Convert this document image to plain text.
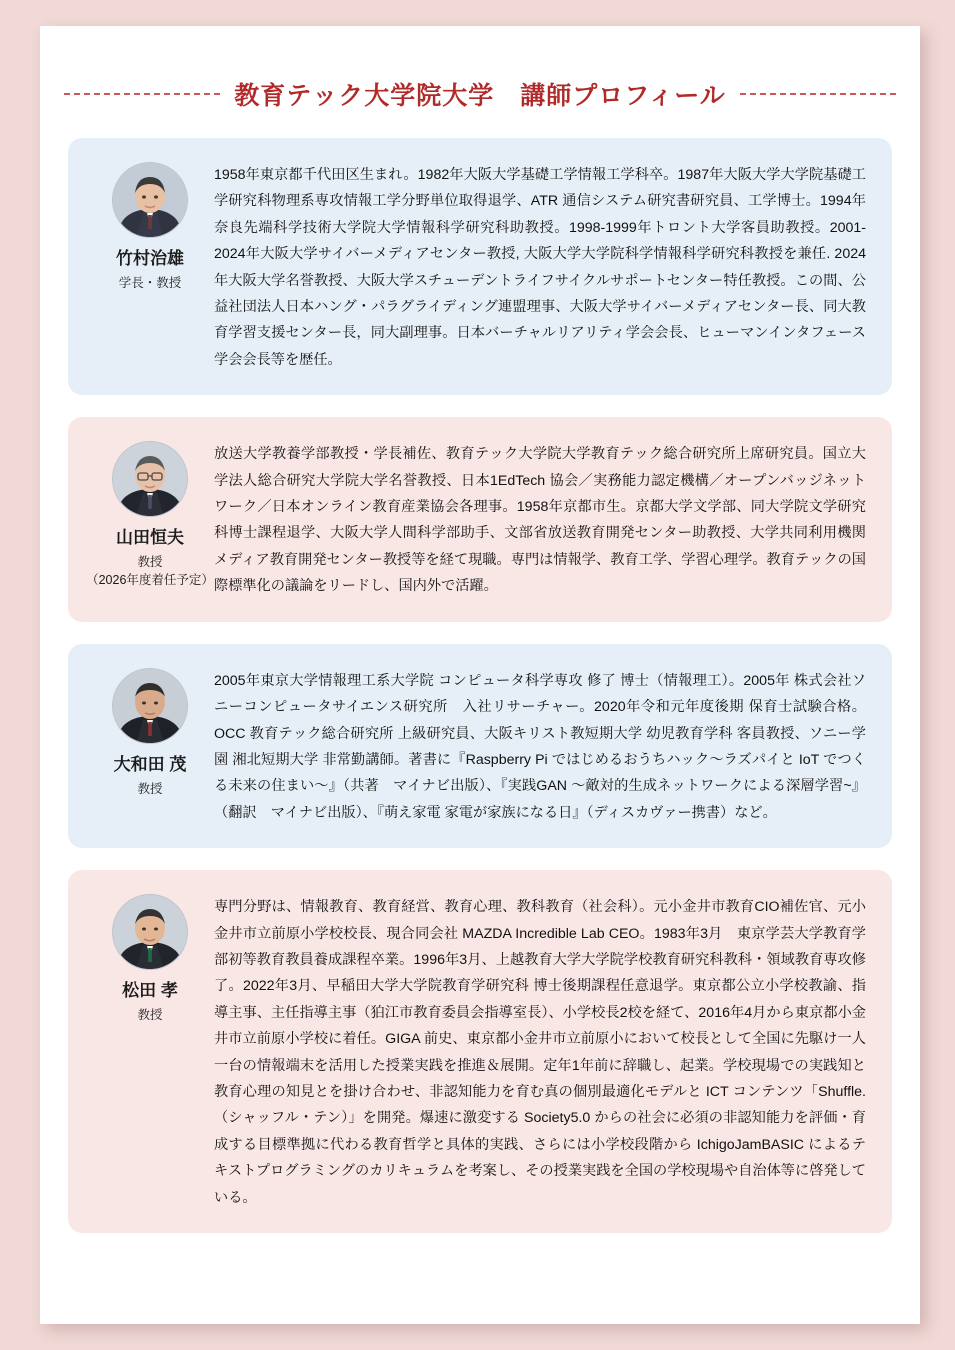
教育テック大学院大学　講師プロフィール
竹村治雄
学長・教授
1958年東京都千代田区生まれ。1982年大阪大学基礎工学情報工学科卒。1987年大阪大学大学院基礎工学研究科物理系専攻情報工学分野単位取得退学、ATR 通信システム研究書研究員、工学博士。1994年奈良先端科学技術大学院大学情報科学研究科助教授。1998-1999年トロント大学客員助教授。2001-2024年大阪大学サイバーメディアセンター教授, 大阪大学大学院科学情報科学研究科教授を兼任. 2024年大阪大学名誉教授、大阪大学スチューデントライフサイクルサポートセンター特任教授。この間、公益社団法人日本ハング・パラグライディング連盟理事、大阪大学サイバーメディアセンター長、同大教育学習支援センター長，同大副理事。日本バーチャルリアリティ学会会長、ヒューマンインタフェース学会会長等を歴任。
山田恒夫
教授
（2026年度着任予定）
放送大学教養学部教授・学長補佐、教育テック大学院大学教育テック総合研究所上席研究員。国立大学法人総合研究大学院大学名誉教授、日本1EdTech 協会／実務能力認定機構／オープンバッジネットワーク／日本オンライン教育産業協会各理事。1958年京都市生。京都大学文学部、同大学院文学研究科博士課程退学、大阪大学人間科学部助手、文部省放送教育開発センター助教授、大学共同利用機関メディア教育開発センター教授等を経て現職。専門は情報学、教育工学、学習心理学。教育テックの国際標準化の議論をリードし、国内外で活躍。
大和田 茂
教授
2005年東京大学情報理工系大学院 コンピュータ科学専攻 修了 博士（情報理工）。2005年 株式会社ソニーコンピュータサイエンス研究所　入社リサーチャー。2020年令和元年度後期 保育士試験合格。OCC 教育テック総合研究所 上級研究員、大阪キリスト教短期大学 幼児教育学科 客員教授、ソニー学園 湘北短期大学 非常勤講師。著書に『Raspberry Pi ではじめるおうちハック～ラズパイと IoT でつくる未来の住まい～』（共著　マイナビ出版）、『実践GAN ～敵対的生成ネットワークによる深層学習~』（翻訳　マイナビ出版）、『萌え家電 家電が家族になる日』（ディスカヴァー携書）など。
松田 孝
教授
専門分野は、情報教育、教育経営、教育心理、教科教育（社会科）。元小金井市教育CIO補佐官、元小金井市立前原小学校校長、現合同会社 MAZDA Incredible Lab CEO。1983年3月　東京学芸大学教育学部初等教育教員養成課程卒業。1996年3月、上越教育大学大学院学校教育研究科教科・領域教育専攻修了。2022年3月、早稲田大学大学院教育学研究科 博士後期課程任意退学。東京都公立小学校教諭、指導主事、主任指導主事（狛江市教育委員会指導室長）、小学校長2校を経て、2016年4月から東京都小金井市立前原小学校に着任。GIGA 前史、東京都小金井市立前原小において校長として全国に先駆け一人一台の情報端末を活用した授業実践を推進＆展開。定年1年前に辞職し、起業。学校現場での実践知と教育心理の知見とを掛け合わせ、非認知能力を育む真の個別最適化モデルと ICT コンテンツ「Shuffle.（シャッフル・テン）」を開発。爆速に激変する Society5.0 からの社会に必須の非認知能力を評価・育成する目標準拠に代わる教育哲学と具体的実践、さらには小学校段階から IchigoJamBASIC によるテキストプログラミングのカリキュラムを考案し、その授業実践を全国の学校現場や自治体等に啓発している。
